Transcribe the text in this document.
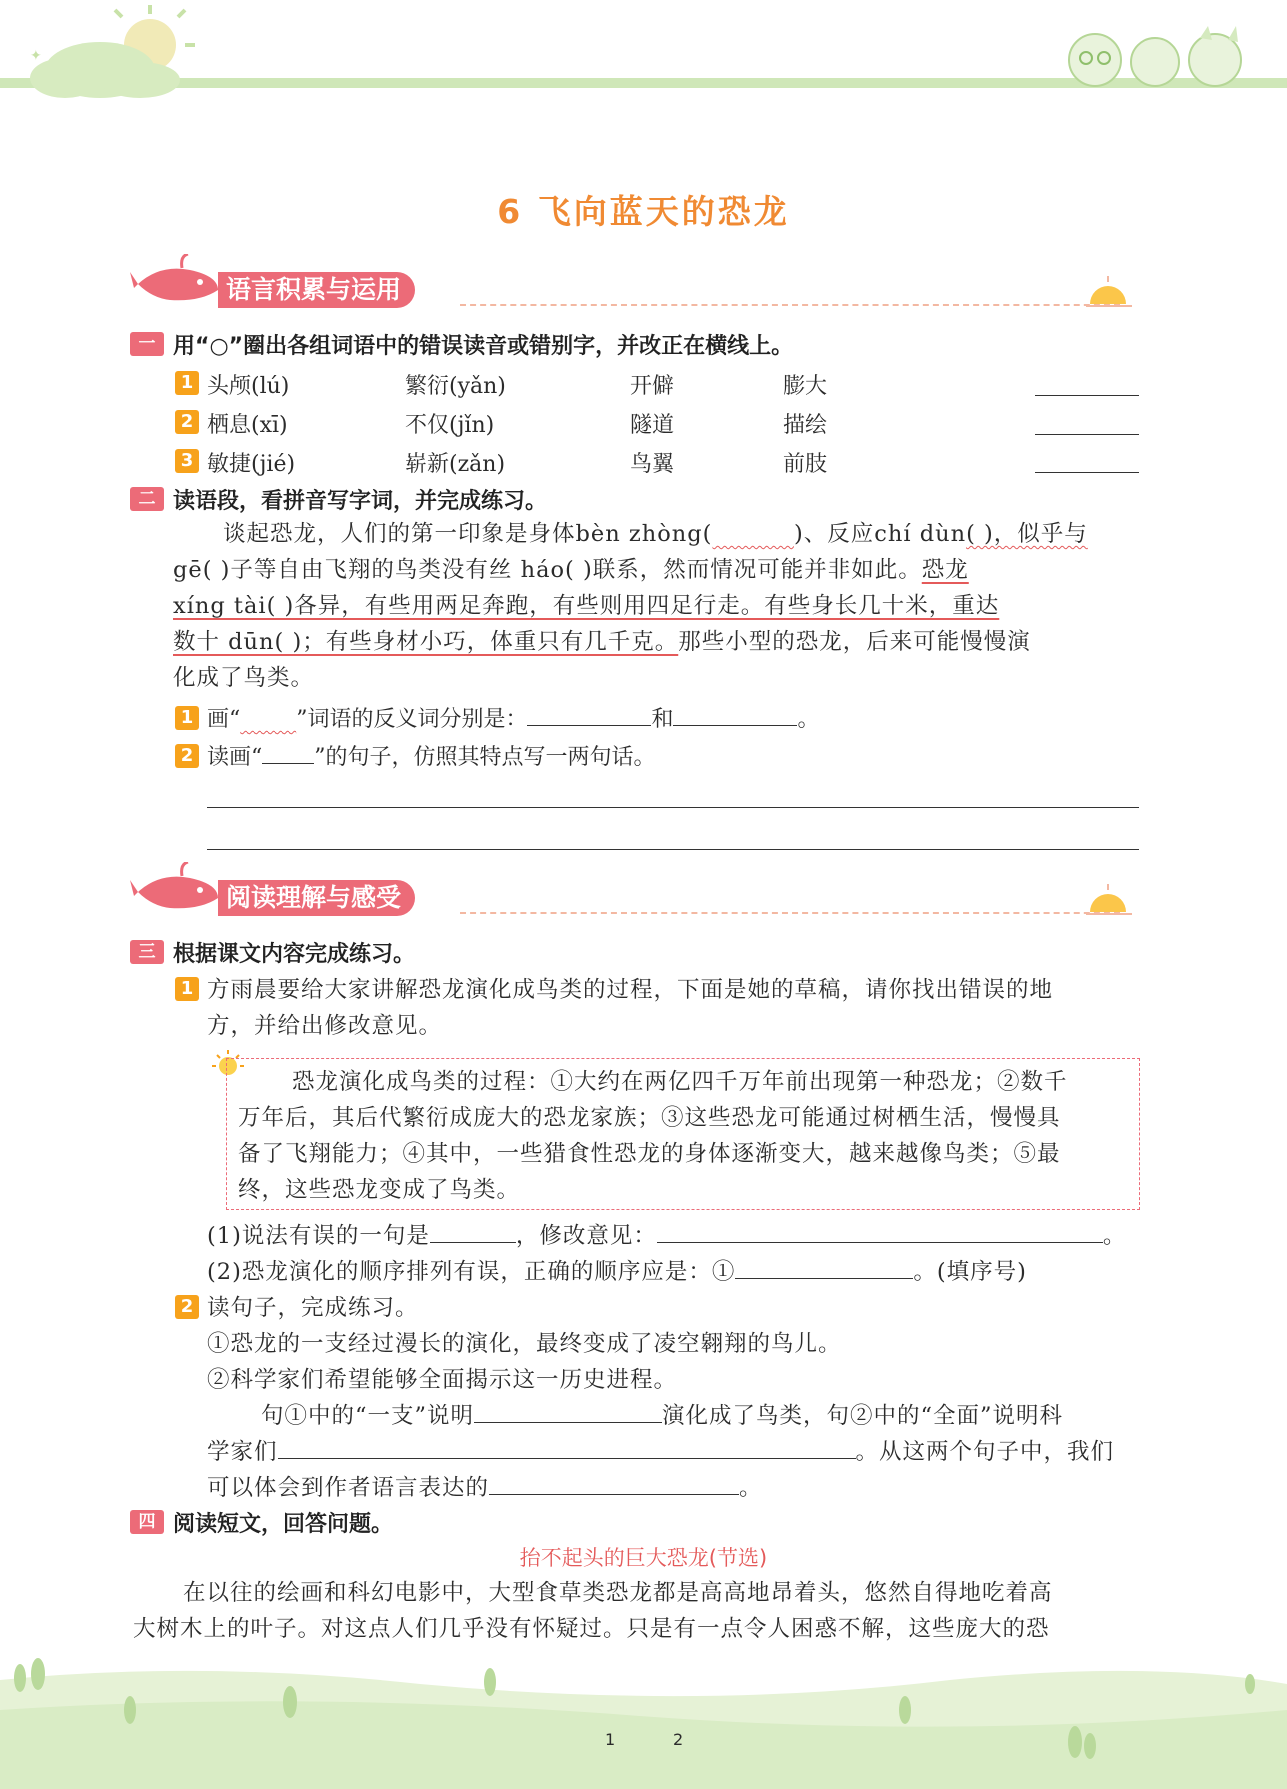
✦
6 飞向蓝天的恐龙
语言积累与运用
一 用“○”圈出各组词语中的错误读音或错别字，并改正在横线上。
1 头颅(lú)	繁衍(yǎn)	开僻	膨大
2 栖息(xī)	不仅(jǐn)	隧道	描绘
3 敏捷(jié)	崭新(zǎn)	鸟翼	前肢
二 读语段，看拼音写字词，并完成练习。
谈起恐龙，人们的第一印象是身体bèn zhòng(	)、反应chí dùn( )，似乎与
gē( )子等自由飞翔的鸟类没有丝 háo( )联系，然而情况可能并非如此。恐龙
xíng tài( )各异，有些用两足奔跑，有些则用四足行走。有些身长几十米，重达
数十 dūn( )；有些身材小巧，体重只有几千克。那些小型的恐龙，后来可能慢慢演
化成了鸟类。
1 画“	”词语的反义词分别是：	和	。
2 读画“ ”的句子，仿照其特点写一两句话。
阅读理解与感受
三 根据课文内容完成练习。
1 方雨晨要给大家讲解恐龙演化成鸟类的过程，下面是她的草稿，请你找出错误的地
方，并给出修改意见。
恐龙演化成鸟类的过程：①大约在两亿四千万年前出现第一种恐龙；②数千
万年后，其后代繁衍成庞大的恐龙家族；③这些恐龙可能通过树栖生活，慢慢具
备了飞翔能力；④其中，一些猎食性恐龙的身体逐渐变大，越来越像鸟类；⑤最
终，这些恐龙变成了鸟类。
(1)说法有误的一句是	，修改意见：	。
(2)恐龙演化的顺序排列有误，正确的顺序应是：①	。(填序号)
2 读句子，完成练习。
①恐龙的一支经过漫长的演化，最终变成了凌空翱翔的鸟儿。
②科学家们希望能够全面揭示这一历史进程。
句①中的“一支”说明	演化成了鸟类，句②中的“全面”说明科
学家们	。从这两个句子中，我们
可以体会到作者语言表达的	。
四 阅读短文，回答问题。
抬不起头的巨大恐龙(节选)
在以往的绘画和科幻电影中，大型食草类恐龙都是高高地昂着头，悠然自得地吃着高
大树木上的叶子。对这点人们几乎没有怀疑过。只是有一点令人困惑不解，这些庞大的恐
1	2
